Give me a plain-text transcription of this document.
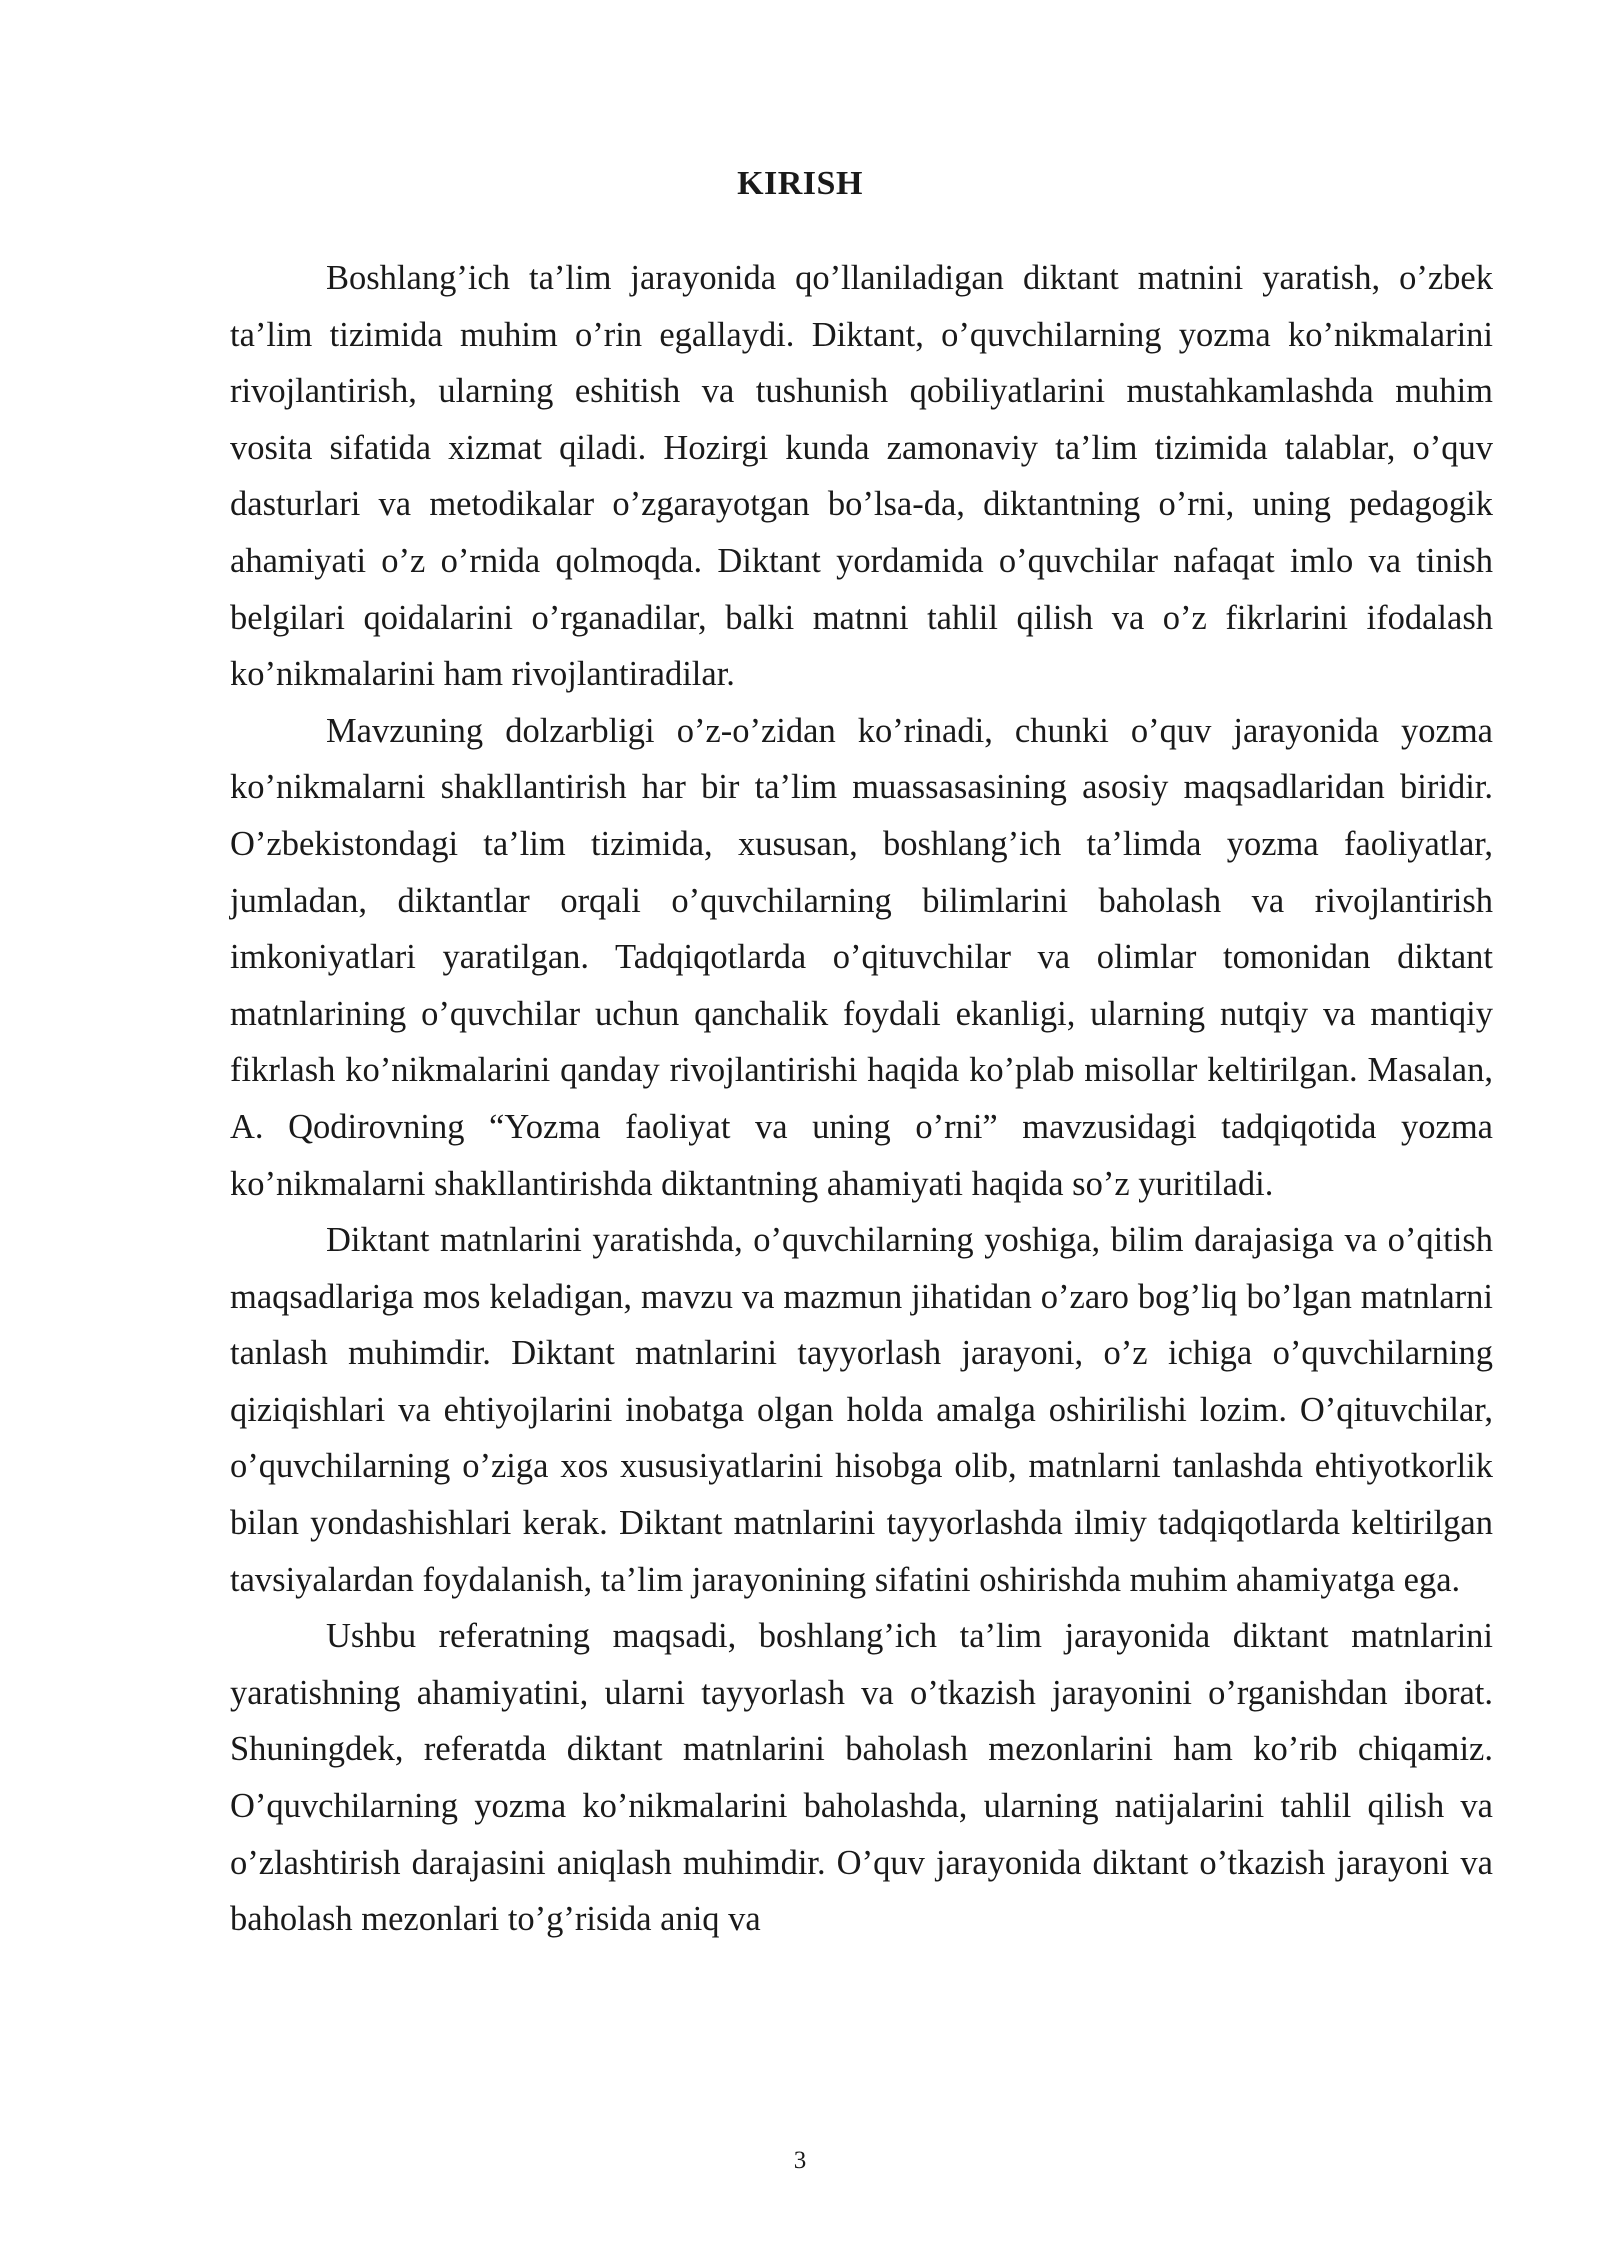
KIRISH

Boshlang’ich ta’lim jarayonida qo’llaniladigan diktant matnini yaratish, o’zbek ta’lim tizimida muhim o’rin egallaydi. Diktant, o’quvchilarning yozma ko’nikmalarini rivojlantirish, ularning eshitish va tushunish qobiliyatlarini mustahkamlashda muhim vosita sifatida xizmat qiladi. Hozirgi kunda zamonaviy ta’lim tizimida talablar, o’quv dasturlari va metodikalar o’zgarayotgan bo’lsa-da, diktantning o’rni, uning pedagogik ahamiyati o’z o’rnida qolmoqda. Diktant yordamida o’quvchilar nafaqat imlo va tinish belgilari qoidalarini o’rganadilar, balki matnni tahlil qilish va o’z fikrlarini ifodalash ko’nikmalarini ham rivojlantiradilar.

Mavzuning dolzarbligi o’z-o’zidan ko’rinadi, chunki o’quv jarayonida yozma ko’nikmalarni shakllantirish har bir ta’lim muassasasining asosiy maqsadlaridan biridir. O’zbekistondagi ta’lim tizimida, xususan, boshlang’ich ta’limda yozma faoliyatlar, jumladan, diktantlar orqali o’quvchilarning bilimlarini baholash va rivojlantirish imkoniyatlari yaratilgan. Tadqiqotlarda o’qituvchilar va olimlar tomonidan diktant matnlarining o’quvchilar uchun qanchalik foydali ekanligi, ularning nutqiy va mantiqiy fikrlash ko’nikmalarini qanday rivojlantirishi haqida ko’plab misollar keltirilgan. Masalan, A. Qodirovning “Yozma faoliyat va uning o’rni” mavzusidagi tadqiqotida yozma ko’nikmalarni shakllantirishda diktantning ahamiyati haqida so’z yuritiladi.

Diktant matnlarini yaratishda, o’quvchilarning yoshiga, bilim darajasiga va o’qitish maqsadlariga mos keladigan, mavzu va mazmun jihatidan o’zaro bog’liq bo’lgan matnlarni tanlash muhimdir. Diktant matnlarini tayyorlash jarayoni, o’z ichiga o’quvchilarning qiziqishlari va ehtiyojlarini inobatga olgan holda amalga oshirilishi lozim. O’qituvchilar, o’quvchilarning o’ziga xos xususiyatlarini hisobga olib, matnlarni tanlashda ehtiyotkorlik bilan yondashishlari kerak. Diktant matnlarini tayyorlashda ilmiy tadqiqotlarda keltirilgan tavsiyalardan foydalanish, ta’lim jarayonining sifatini oshirishda muhim ahamiyatga ega.

Ushbu referatning maqsadi, boshlang’ich ta’lim jarayonida diktant matnlarini yaratishning ahamiyatini, ularni tayyorlash va o’tkazish jarayonini o’rganishdan iborat. Shuningdek, referatda diktant matnlarini baholash mezonlarini ham ko’rib chiqamiz. O’quvchilarning yozma ko’nikmalarini baholashda, ularning natijalarini tahlil qilish va o’zlashtirish darajasini aniqlash muhimdir. O’quv jarayonida diktant o’tkazish jarayoni va baholash mezonlari to’g’risida aniq va

3
